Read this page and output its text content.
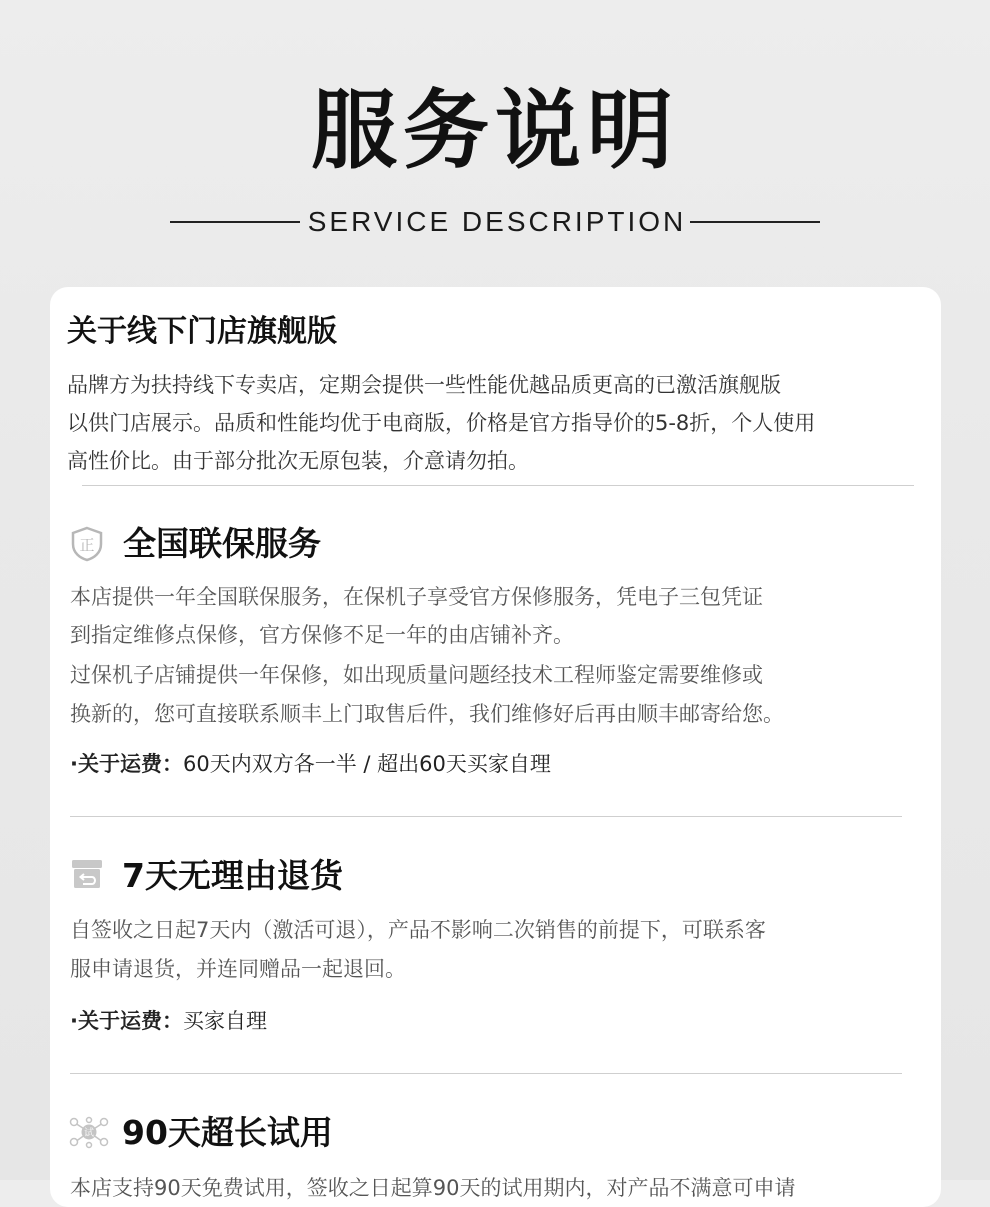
服务说明
SERVICE DESCRIPTION
关于线下门店旗舰版

品牌方为扶持线下专卖店，定期会提供一些性能优越品质更高的已激活旗舰版

以供门店展示。品质和性能均优于电商版，价格是官方指导价的5-8折，个人使用

高性价比。由于部分批次无原包装，介意请勿拍。

正 全国联保服务

本店提供一年全国联保服务，在保机子享受官方保修服务，凭电子三包凭证

到指定维修点保修，官方保修不足一年的由店铺补齐。

过保机子店铺提供一年保修，如出现质量问题经技术工程师鉴定需要维修或

换新的，您可直接联系顺丰上门取售后件，我们维修好后再由顺丰邮寄给您。

·关于运费：60天内双方各一半 / 超出60天买家自理
7天无理由退货

自签收之日起7天内（激活可退），产品不影响二次销售的前提下，可联系客

服申请退货，并连同赠品一起退回。

·关于运费：买家自理
试 90天超长试用

本店支持90天免费试用，签收之日起算90天的试用期内，对产品不满意可申请
